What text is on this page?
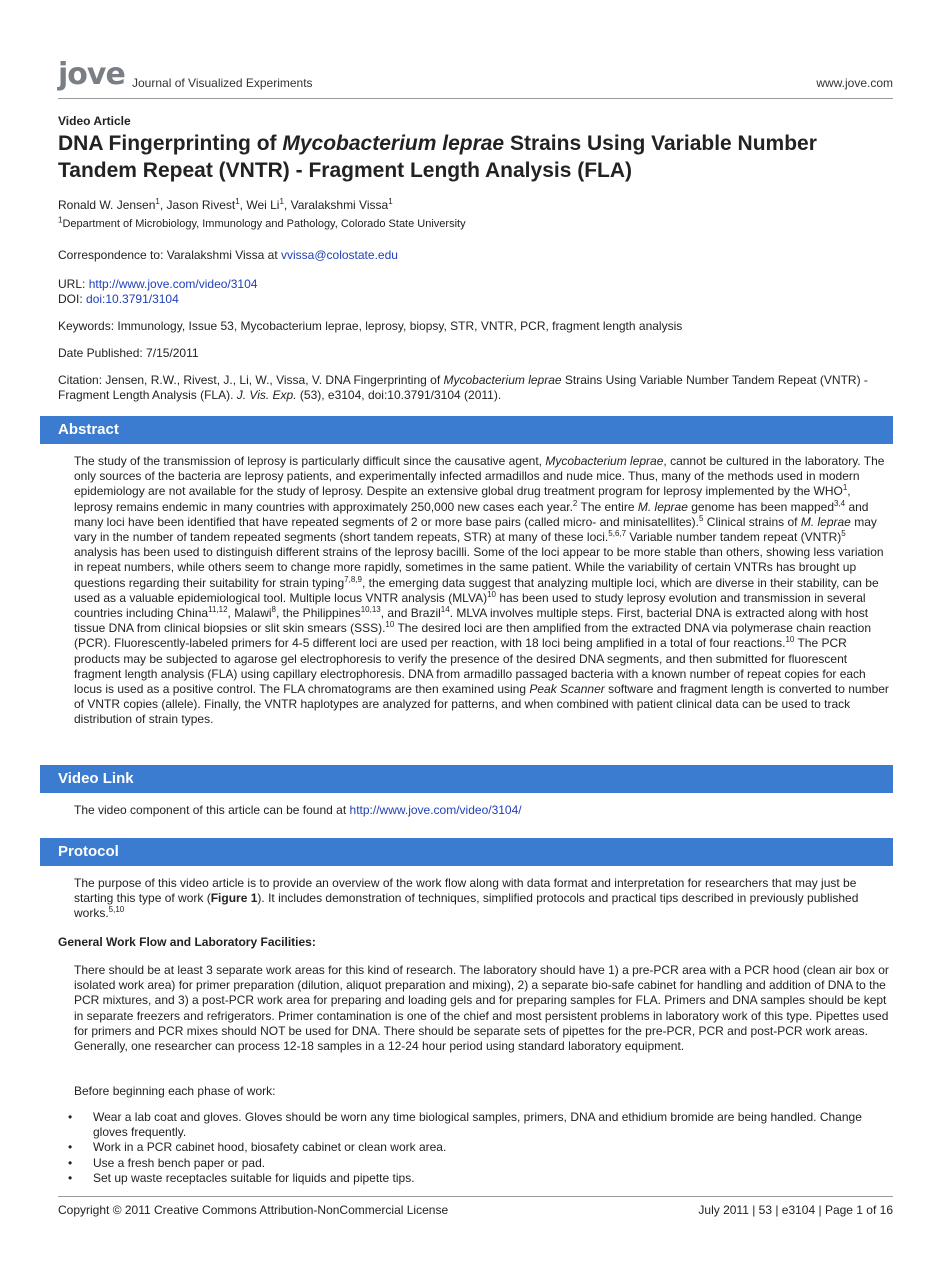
jove Journal of Visualized Experiments	www.jove.com
Video Article
DNA Fingerprinting of Mycobacterium leprae Strains Using Variable Number Tandem Repeat (VNTR) - Fragment Length Analysis (FLA)
Ronald W. Jensen$^1$, Jason Rivest$^1$, Wei Li$^1$, Varalakshmi Vissa$^1$
$^1$Department of Microbiology, Immunology and Pathology, Colorado State University
Correspondence to: Varalakshmi Vissa at vvissa@colostate.edu
URL: http://www.jove.com/video/3104
DOI: doi:10.3791/3104
Keywords: Immunology, Issue 53, Mycobacterium leprae, leprosy, biopsy, STR, VNTR, PCR, fragment length analysis
Date Published: 7/15/2011
Citation: Jensen, R.W., Rivest, J., Li, W., Vissa, V. DNA Fingerprinting of Mycobacterium leprae Strains Using Variable Number Tandem Repeat (VNTR) - Fragment Length Analysis (FLA). J. Vis. Exp. (53), e3104, doi:10.3791/3104 (2011).
Abstract
The study of the transmission of leprosy is particularly difficult since the causative agent, Mycobacterium leprae, cannot be cultured in the laboratory. The only sources of the bacteria are leprosy patients, and experimentally infected armadillos and nude mice. Thus, many of the methods used in modern epidemiology are not available for the study of leprosy. Despite an extensive global drug treatment program for leprosy implemented by the WHO$^1$, leprosy remains endemic in many countries with approximately 250,000 new cases each year.$^2$ The entire M. leprae genome has been mapped$^{3,4}$ and many loci have been identified that have repeated segments of 2 or more base pairs (called micro- and minisatellites).$^5$ Clinical strains of M. leprae may vary in the number of tandem repeated segments (short tandem repeats, STR) at many of these loci.$^{5,6,7}$ Variable number tandem repeat (VNTR)$^5$ analysis has been used to distinguish different strains of the leprosy bacilli. Some of the loci appear to be more stable than others, showing less variation in repeat numbers, while others seem to change more rapidly, sometimes in the same patient. While the variability of certain VNTRs has brought up questions regarding their suitability for strain typing$^{7,8,9}$, the emerging data suggest that analyzing multiple loci, which are diverse in their stability, can be used as a valuable epidemiological tool. Multiple locus VNTR analysis (MLVA)$^{10}$ has been used to study leprosy evolution and transmission in several countries including China$^{11,12}$, Malawi$^8$, the Philippines$^{10,13}$, and Brazil$^{14}$. MLVA involves multiple steps. First, bacterial DNA is extracted along with host tissue DNA from clinical biopsies or slit skin smears (SSS).$^{10}$ The desired loci are then amplified from the extracted DNA via polymerase chain reaction (PCR). Fluorescently-labeled primers for 4-5 different loci are used per reaction, with 18 loci being amplified in a total of four reactions.$^{10}$ The PCR products may be subjected to agarose gel electrophoresis to verify the presence of the desired DNA segments, and then submitted for fluorescent fragment length analysis (FLA) using capillary electrophoresis. DNA from armadillo passaged bacteria with a known number of repeat copies for each locus is used as a positive control. The FLA chromatograms are then examined using Peak Scanner software and fragment length is converted to number of VNTR copies (allele). Finally, the VNTR haplotypes are analyzed for patterns, and when combined with patient clinical data can be used to track distribution of strain types.
Video Link
The video component of this article can be found at http://www.jove.com/video/3104/
Protocol
The purpose of this video article is to provide an overview of the work flow along with data format and interpretation for researchers that may just be starting this type of work (Figure 1). It includes demonstration of techniques, simplified protocols and practical tips described in previously published works.$^{5,10}$
General Work Flow and Laboratory Facilities:
There should be at least 3 separate work areas for this kind of research. The laboratory should have 1) a pre-PCR area with a PCR hood (clean air box or isolated work area) for primer preparation (dilution, aliquot preparation and mixing), 2) a separate bio-safe cabinet for handling and addition of DNA to the PCR mixtures, and 3) a post-PCR work area for preparing and loading gels and for preparing samples for FLA. Primers and DNA samples should be kept in separate freezers and refrigerators. Primer contamination is one of the chief and most persistent problems in laboratory work of this type. Pipettes used for primers and PCR mixes should NOT be used for DNA. There should be separate sets of pipettes for the pre-PCR, PCR and post-PCR work areas. Generally, one researcher can process 12-18 samples in a 12-24 hour period using standard laboratory equipment.
Before beginning each phase of work:
• Wear a lab coat and gloves. Gloves should be worn any time biological samples, primers, DNA and ethidium bromide are being handled. Change gloves frequently.
• Work in a PCR cabinet hood, biosafety cabinet or clean work area.
• Use a fresh bench paper or pad.
• Set up waste receptacles suitable for liquids and pipette tips.
Copyright © 2011 Creative Commons Attribution-NonCommercial License	July 2011 | 53 | e3104 | Page 1 of 16
